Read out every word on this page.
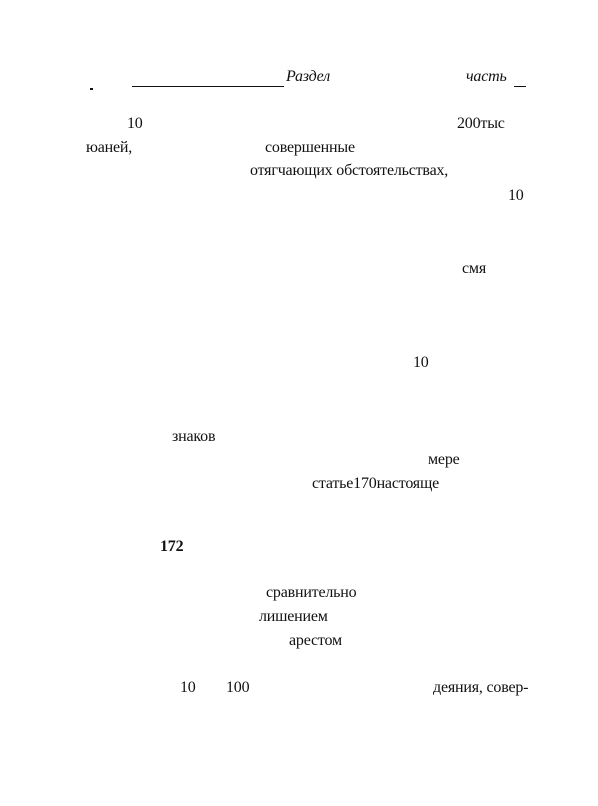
Раздел	часть
10	200тыс
юаней,	совершенные
отягчающих обстоятельствах,
10
смя
10
знаков
мере
статье170настояще
172
сравнительно
лишением
арестом
10 100	деяния, совер-
